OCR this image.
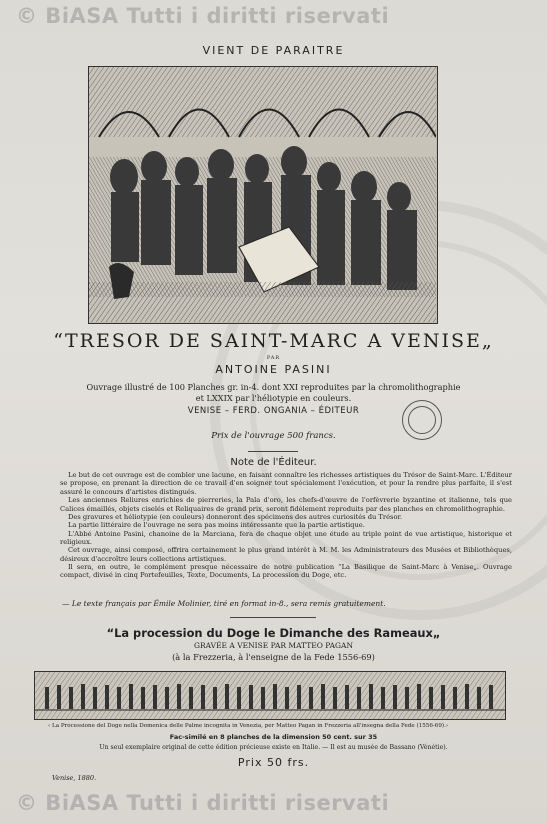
© BiASA Tutti i diritti riservati
VIENT DE PARAITRE
“TRESOR DE SAINT-MARC A VENISE„
PAR
ANTOINE PASINI
Ouvrage illustré de 100 Planches gr. in-4. dont XXI reproduites par la chromolithographie
et LXXIX par l'héliotypie en couleurs.
VENISE – FERD. ONGANIA – ÉDITEUR
Prix de l'ouvrage 500 francs.
Note de l'Éditeur.

Le but de cet ouvrage est de combler une lacune, en faisant connaître les richesses artistiques du Trésor de Saint-Marc. L'Éditeur se propose, en prenant la direction de ce travail d'en soigner tout spécialement l'exécution, et pour la rendre plus parfaite, il s'est assuré le concours d'artistes distingués.

Les anciennes Reliures enrichies de pierreries, la Pala d'oro, les chefs-d'œuvre de l'orfèvrerie byzantine et italienne, tels que Calices émaillés, objets ciselés et Reliquaires de grand prix, seront fidèlement reproduits par des planches en chromolithographie.

Des gravures et héliotypie (en couleurs) donneront des spécimens des autres curiosités du Trésor.

La partie littéraire de l'ouvrage ne sera pas moins intéressante que la partie artistique.

L'Abbé Antoine Pasini, chanoine de la Marciana, fera de chaque objet une étude au triple point de vue artistique, historique et religieux.

Cet ouvrage, ainsi composé, offrira certainement le plus grand intérêt à M. M. les Administrateurs des Musées et Bibliothèques, désireux d'accroître leurs collections artistiques.

Il sera, en outre, le complément presque nécessaire de notre publication “La Basilique de Saint-Marc à Venise„. Ouvrage compact, divisé in cinq Portefeuilles, Texte, Documents, La procession du Doge, etc.

— Le texte français par Émile Molinier, tiré en format in-8., sera remis gratuitement.
“La procession du Doge le Dimanche des Rameaux„
GRAVÉE A VENISE PAR MATTEO PAGAN
(à la Frezzeria, à l'enseigne de la Fede 1556-69)
‹ La Processione del Doge nella Domenica delle Palme incognita in Venezia, per Matteo Pagan in Frezzeria all'insegna della Fede (1556-69).›
Fac-similé en 8 planches de la dimension 50 cent. sur 35
Un seul exemplaire original de cette édition précieuse existe en Italie. — Il est au musée de Bassano (Vénétie).
Prix 50 frs.
Venise, 1880.
© BiASA Tutti i diritti riservati
